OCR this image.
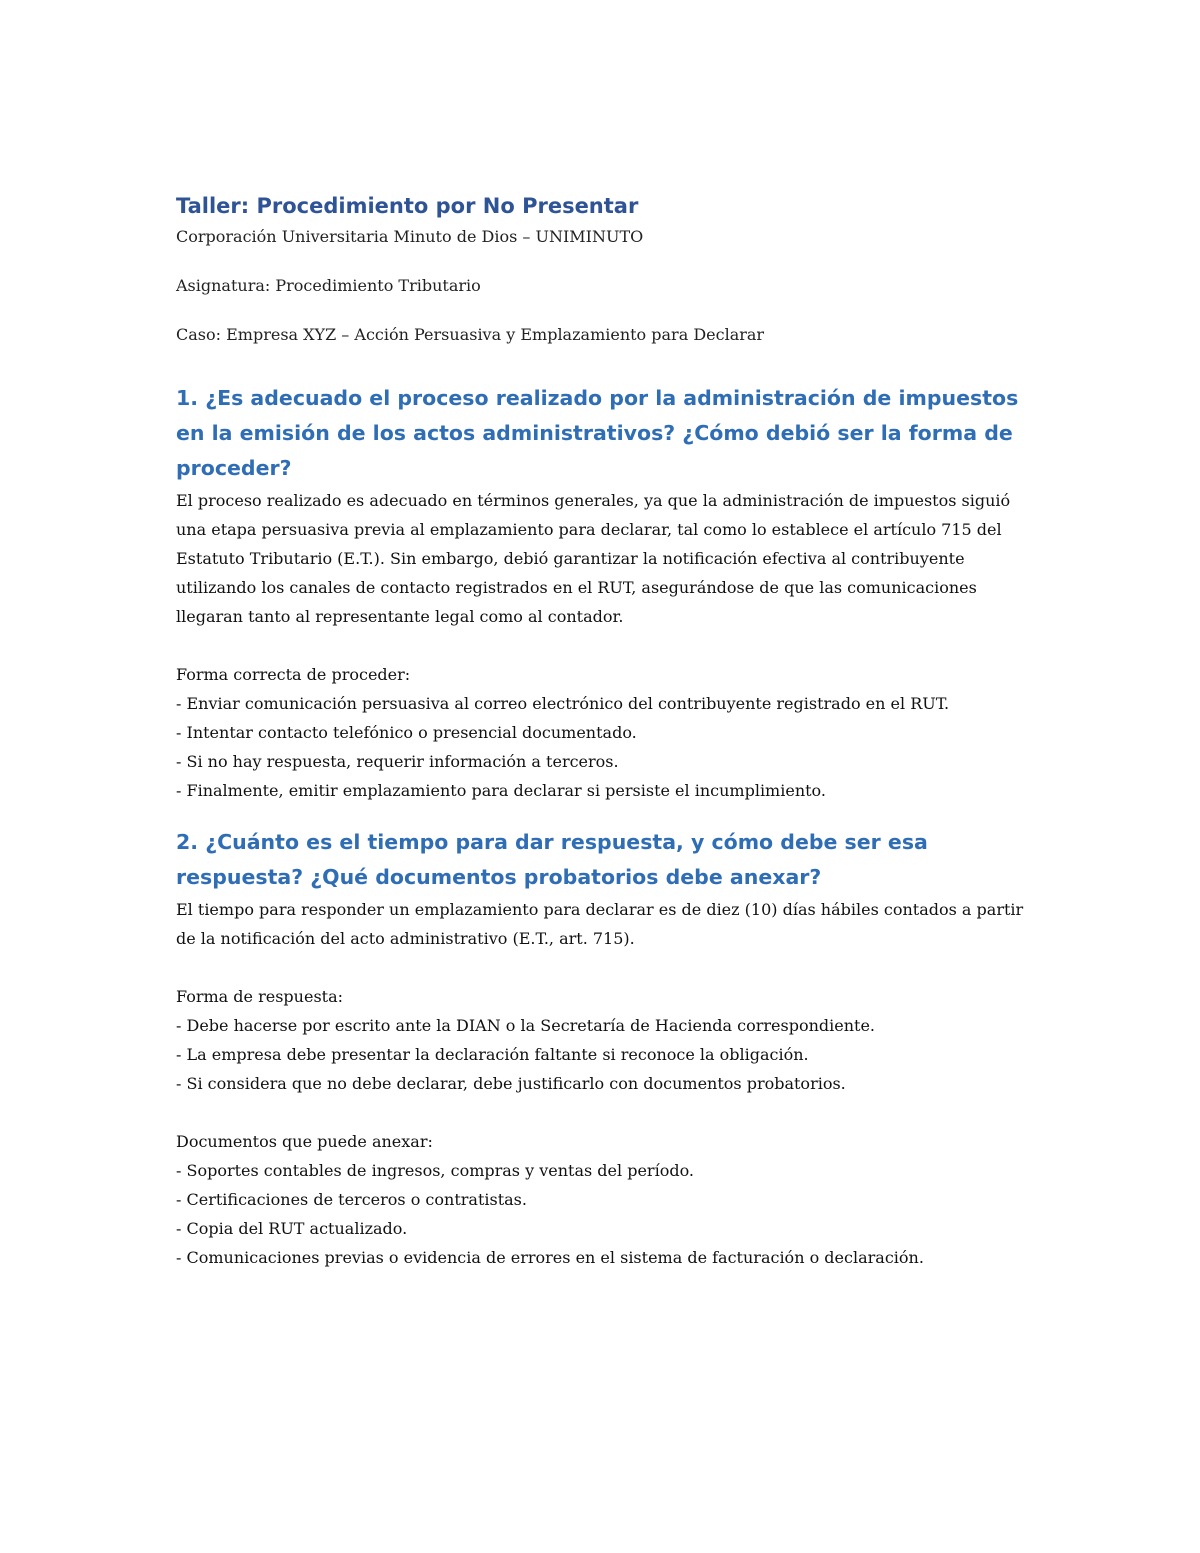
Taller: Procedimiento por No Presentar

Corporación Universitaria Minuto de Dios – UNIMINUTO

Asignatura: Procedimiento Tributario

Caso: Empresa XYZ – Acción Persuasiva y Emplazamiento para Declarar

1. ¿Es adecuado el proceso realizado por la administración de impuestos en la emisión de los actos administrativos? ¿Cómo debió ser la forma de proceder?

El proceso realizado es adecuado en términos generales, ya que la administración de impuestos siguió una etapa persuasiva previa al emplazamiento para declarar, tal como lo establece el artículo 715 del Estatuto Tributario (E.T.). Sin embargo, debió garantizar la notificación efectiva al contribuyente utilizando los canales de contacto registrados en el RUT, asegurándose de que las comunicaciones llegaran tanto al representante legal como al contador.

Forma correcta de proceder:

- Enviar comunicación persuasiva al correo electrónico del contribuyente registrado en el RUT.

- Intentar contacto telefónico o presencial documentado.

- Si no hay respuesta, requerir información a terceros.

- Finalmente, emitir emplazamiento para declarar si persiste el incumplimiento.

2. ¿Cuánto es el tiempo para dar respuesta, y cómo debe ser esa respuesta? ¿Qué documentos probatorios debe anexar?

El tiempo para responder un emplazamiento para declarar es de diez (10) días hábiles contados a partir de la notificación del acto administrativo (E.T., art. 715).

Forma de respuesta:

- Debe hacerse por escrito ante la DIAN o la Secretaría de Hacienda correspondiente.

- La empresa debe presentar la declaración faltante si reconoce la obligación.

- Si considera que no debe declarar, debe justificarlo con documentos probatorios.

Documentos que puede anexar:

- Soportes contables de ingresos, compras y ventas del período.

- Certificaciones de terceros o contratistas.

- Copia del RUT actualizado.

- Comunicaciones previas o evidencia de errores en el sistema de facturación o declaración.
